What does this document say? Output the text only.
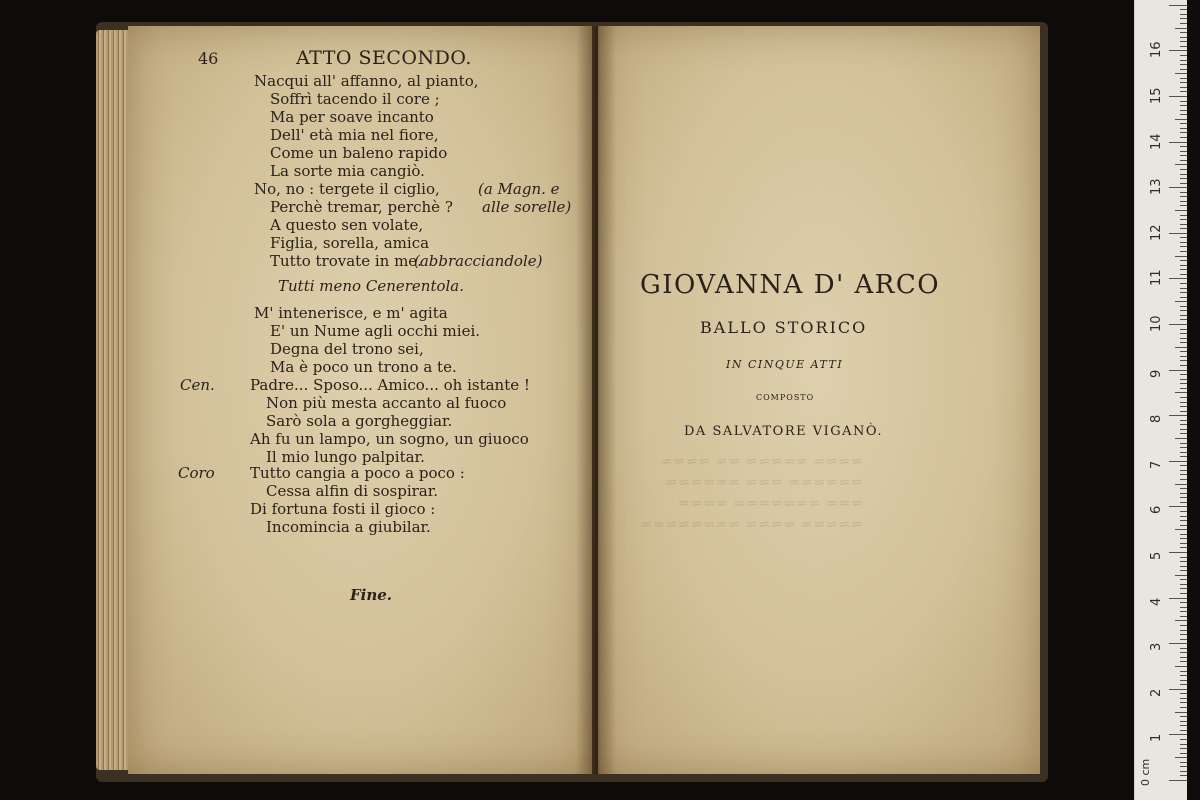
≈≈≈≈ ≈≈≈≈≈ ≈≈ ≈≈≈≈
≈≈≈≈≈≈ ≈≈≈ ≈≈≈≈≈≈
≈≈≈ ≈≈≈≈≈≈≈ ≈≈≈≈
≈≈≈≈≈ ≈≈≈≈ ≈≈≈≈≈≈≈≈

46	ATTO SECONDO.
Nacqui all' affanno, al pianto,
Soffrì tacendo il core ;
Ma per soave incanto
Dell' età mia nel fiore,
Come un baleno rapido
La sorte mia cangiò.
No, no : tergete il ciglio,	(a Magn. e
Perchè tremar, perchè ? alle sorelle)
A questo sen volate,
Figlia, sorella, amica
Tutto trovate in me.
(abbracciandole)
Tutti meno Cenerentola.
M' intenerisce, e m' agita
E' un Nume agli occhi miei.
Degna del trono sei,
Ma è poco un trono a te.
Cen. Padre... Sposo... Amico... oh istante !
Non più mesta accanto al fuoco
Sarò sola a gorgheggiar.
Ah fu un lampo, un sogno, un giuoco
Il mio lungo palpitar.
Coro Tutto cangia a poco a poco :
Cessa alfin di sospirar.
Di fortuna fosti il gioco :
Incomincia a giubilar.
Fine.
GIOVANNA D' ARCO
BALLO STORICO
IN CINQUE ATTI
COMPOSTO
DA SALVATORE VIGANÒ.
0 cm
1
2
3
4
5
6
7
8
9
10
11
12
13
14
15
16
